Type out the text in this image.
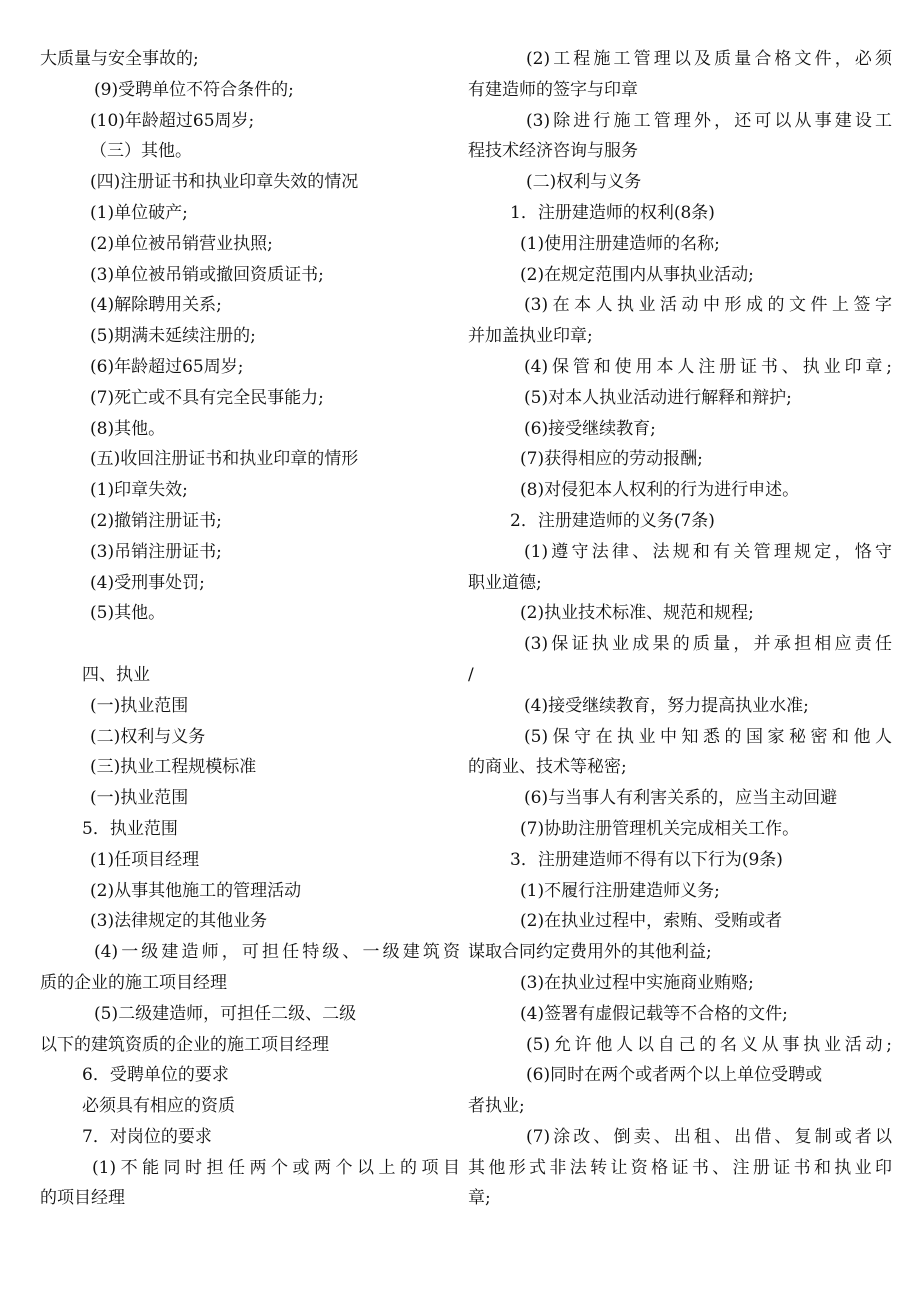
大质量与安全事故的;
(9)受聘单位不符合条件的;
(10)年龄超过65周岁;
（三）其他。
(四)注册证书和执业印章失效的情况
(1)单位破产;
(2)单位被吊销营业执照;
(3)单位被吊销或撤回资质证书;
(4)解除聘用关系;
(5)期满未延续注册的;
(6)年龄超过65周岁;
(7)死亡或不具有完全民事能力;
(8)其他。
(五)收回注册证书和执业印章的情形
(1)印章失效;
(2)撤销注册证书;
(3)吊销注册证书;
(4)受刑事处罚;
(5)其他。
四、执业
(一)执业范围
(二)权利与义务
(三)执业工程规模标准
(一)执业范围
5．执业范围
(1)任项目经理
(2)从事其他施工的管理活动
(3)法律规定的其他业务
(4)一级建造师，可担任特级、一级建筑资
质的企业的施工项目经理
(5)二级建造师，可担任二级、二级
以下的建筑资质的企业的施工项目经理
6．受聘单位的要求
必须具有相应的资质
7．对岗位的要求
(1)不能同时担任两个或两个以上的项目
的项目经理
(2)工程施工管理以及质量合格文件，必须
有建造师的签字与印章
(3)除进行施工管理外，还可以从事建设工
程技术经济咨询与服务
(二)权利与义务
1．注册建造师的权利(8条)
(1)使用注册建造师的名称;
(2)在规定范围内从事执业活动;
(3)在本人执业活动中形成的文件上签字
并加盖执业印章;
(4)保管和使用本人注册证书、执业印章;
(5)对本人执业活动进行解释和辩护;
(6)接受继续教育;
(7)获得相应的劳动报酬;
(8)对侵犯本人权利的行为进行申述。
2．注册建造师的义务(7条)
(1)遵守法律、法规和有关管理规定，恪守
职业道德;
(2)执业技术标准、规范和规程;
(3)保证执业成果的质量，并承担相应责任
/
(4)接受继续教育，努力提高执业水准;
(5)保守在执业中知悉的国家秘密和他人
的商业、技术等秘密;
(6)与当事人有利害关系的，应当主动回避
(7)协助注册管理机关完成相关工作。
3．注册建造师不得有以下行为(9条)
(1)不履行注册建造师义务;
(2)在执业过程中，索贿、受贿或者
谋取合同约定费用外的其他利益;
(3)在执业过程中实施商业贿赂;
(4)签署有虚假记载等不合格的文件;
(5)允许他人以自己的名义从事执业活动;
(6)同时在两个或者两个以上单位受聘或
者执业;
(7)涂改、倒卖、出租、出借、复制或者以
其他形式非法转让资格证书、注册证书和执业印
章;
